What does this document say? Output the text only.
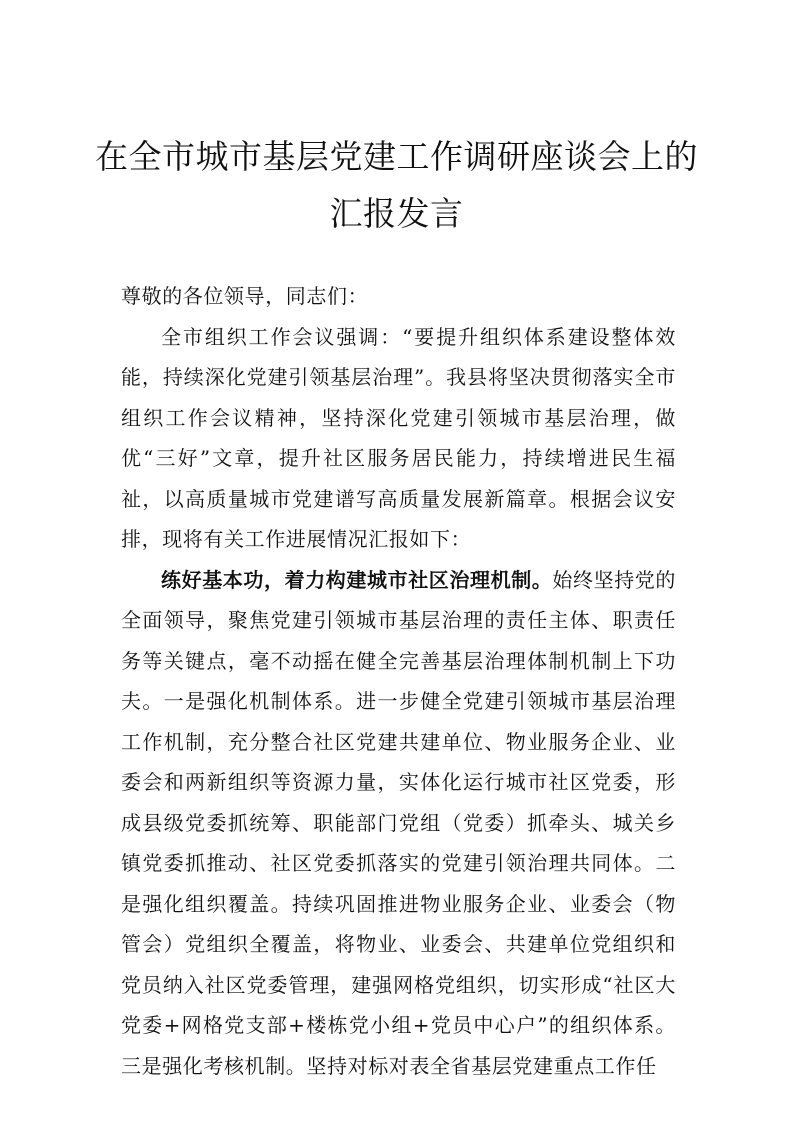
在全市城市基层党建工作调研座谈会上的
汇报发言

尊敬的各位领导，同志们：

全市组织工作会议强调：“要提升组织体系建设整体效能，持续深化党建引领基层治理”。我县将坚决贯彻落实全市组织工作会议精神，坚持深化党建引领城市基层治理，做优“三好”文章，提升社区服务居民能力，持续增进民生福祉，以高质量城市党建谱写高质量发展新篇章。根据会议安排，现将有关工作进展情况汇报如下：

练好基本功，着力构建城市社区治理机制。始终坚持党的全面领导，聚焦党建引领城市基层治理的责任主体、职责任务等关键点，毫不动摇在健全完善基层治理体制机制上下功夫。一是强化机制体系。进一步健全党建引领城市基层治理工作机制，充分整合社区党建共建单位、物业服务企业、业委会和两新组织等资源力量，实体化运行城市社区党委，形成县级党委抓统筹、职能部门党组（党委）抓牵头、城关乡镇党委抓推动、社区党委抓落实的党建引领治理共同体。二是强化组织覆盖。持续巩固推进物业服务企业、业委会（物管会）党组织全覆盖，将物业、业委会、共建单位党组织和党员纳入社区党委管理，建强网格党组织，切实形成“社区大党委+网格党支部+楼栋党小组+党员中心户”的组织体系。三是强化考核机制。坚持对标对表全省基层党建重点工作任
